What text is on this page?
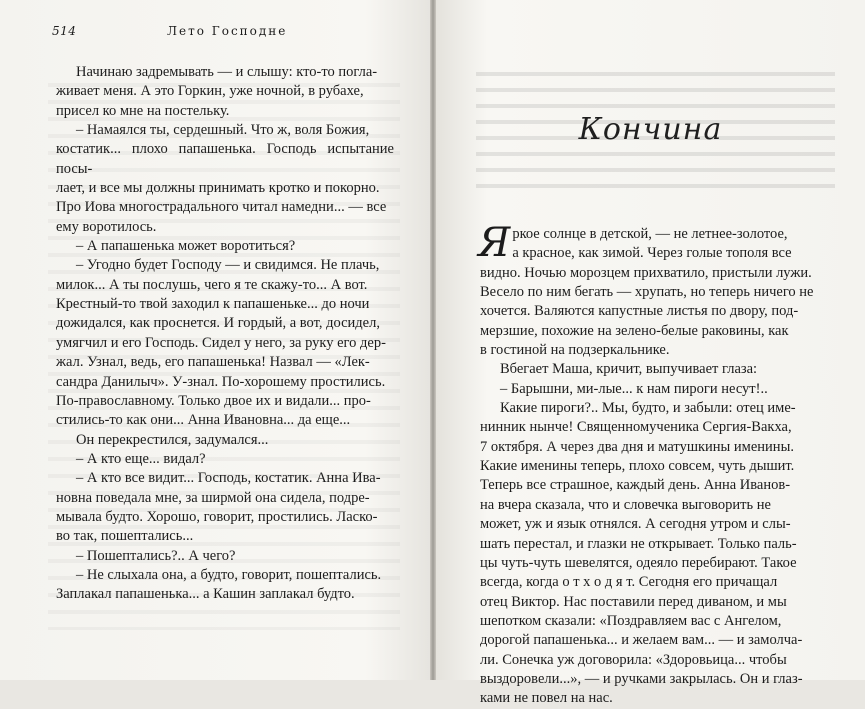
514	Лето Господне

Начинаю задремывать — и слышу: кто-то погла-

живает меня. А это Горкин, уже ночной, в рубахе,

присел ко мне на постельку.

– Намаялся ты, сердешный. Что ж, воля Божия,

костатик... плохо папашенька. Господь испытание посы-

лает, и все мы должны принимать кротко и покорно.

Про Иова многострадального читал намедни... — все

ему воротилось.

– А папашенька может воротиться?

– Угодно будет Господу — и свидимся. Не плачь,

милок... А ты послушь, чего я те скажу-то... А вот.

Крестный-то твой заходил к папашеньке... до ночи

дожидался, как проснется. И гордый, а вот, досидел,

умягчил и его Господь. Сидел у него, за руку его дер-

жал. Узнал, ведь, его папашенька! Назвал — «Лек-

сандра Данилыч». У-знал. По-хорошему простились.

По-православному. Только двое их и видали... про-

стились-то как они... Анна Ивановна... да еще...

Он перекрестился, задумался...

– А кто еще... видал?

– А кто все видит... Господь, костатик. Анна Ива-

новна поведала мне, за ширмой она сидела, подре-

мывала будто. Хорошо, говорит, простились. Ласко-

во так, пошептались...

– Пошептались?.. А чего?

– Не слыхала она, а будто, говорит, пошептались.

Заплакал папашенька... а Кашин заплакал будто.

Кончина
Я ркое солнце в детской, — не летнее-золотое,

а красное, как зимой. Через голые тополя все

видно. Ночью морозцем прихватило, пристыли лужи.

Весело по ним бегать — хрупать, но теперь ничего не

хочется. Валяются капустные листья по двору, под-

мерзшие, похожие на зелено-белые раковины, как

в гостиной на подзеркальнике.

Вбегает Маша, кричит, выпучивает глаза:

– Барышни, ми-лые... к нам пироги несут!..

Какие пироги?.. Мы, будто, и забыли: отец име-

нинник нынче! Священномученика Сергия-Вакха,

7 октября. А через два дня и матушкины именины.

Какие именины теперь, плохо совсем, чуть дышит.

Теперь все страшное, каждый день. Анна Иванов-

на вчера сказала, что и словечка выговорить не

может, уж и язык отнялся. А сегодня утром и слы-

шать перестал, и глазки не открывает. Только паль-

цы чуть-чуть шевелятся, одеяло перебирают. Такое

всегда, когда о т х о д я т. Сегодня его причащал

отец Виктор. Нас поставили перед диваном, и мы

шепотком сказали: «Поздравляем вас с Ангелом,

дорогой папашенька... и желаем вам... — и замолча-

ли. Сонечка уж договорила: «Здоровьица... чтобы

выздоровели...», — и ручками закрылась. Он и глаз-

ками не повел на нас.
